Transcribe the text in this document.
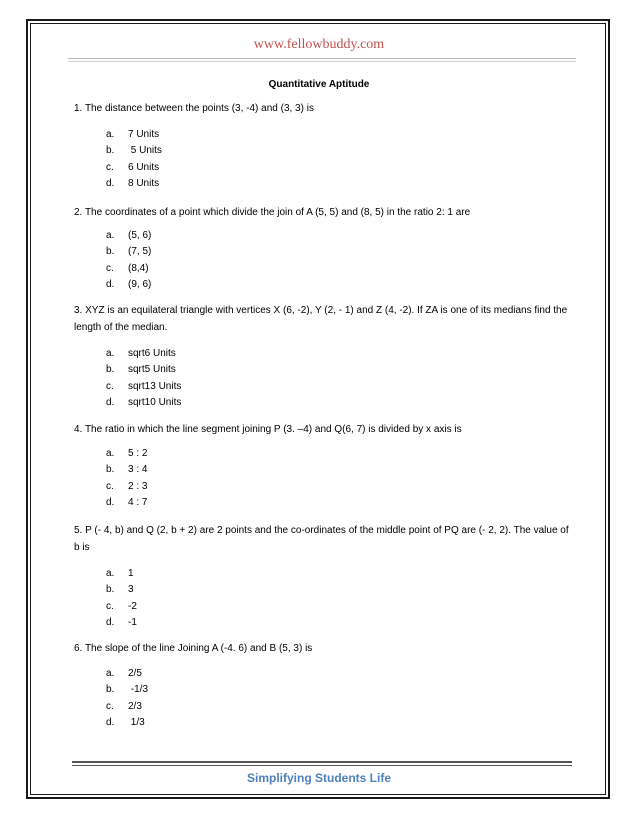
www.fellowbuddy.com
Quantitative Aptitude

1. The distance between the points (3, -4) and (3, 3) is

a. 7 Units
b. 5 Units
c. 6 Units
d. 8 Units

2. The coordinates of a point which divide the join of A (5, 5) and (8, 5) in the ratio 2: 1 are

a. (5, 6)
b. (7, 5)
c. (8,4)
d. (9, 6)

3. XYZ is an equilateral triangle with vertices X (6, -2), Y (2, - 1) and Z (4, -2). If ZA is one of its medians find the length of the median.

a. sqrt6 Units
b. sqrt5 Units
c. sqrt13 Units
d. sqrt10 Units

4. The ratio in which the line segment joining P (3. –4) and Q(6, 7) is divided by x axis is

a. 5 : 2
b. 3 : 4
c. 2 : 3
d. 4 : 7

5. P (- 4, b) and Q (2, b + 2) are 2 points and the co-ordinates of the middle point of PQ are (- 2, 2). The value of b is

a. 1
b. 3
c. -2
d. -1

6. The slope of the line Joining A (-4. 6) and B (5, 3) is

a. 2/5
b. -1/3
c. 2/3
d. 1/3
Simplifying Students Life
